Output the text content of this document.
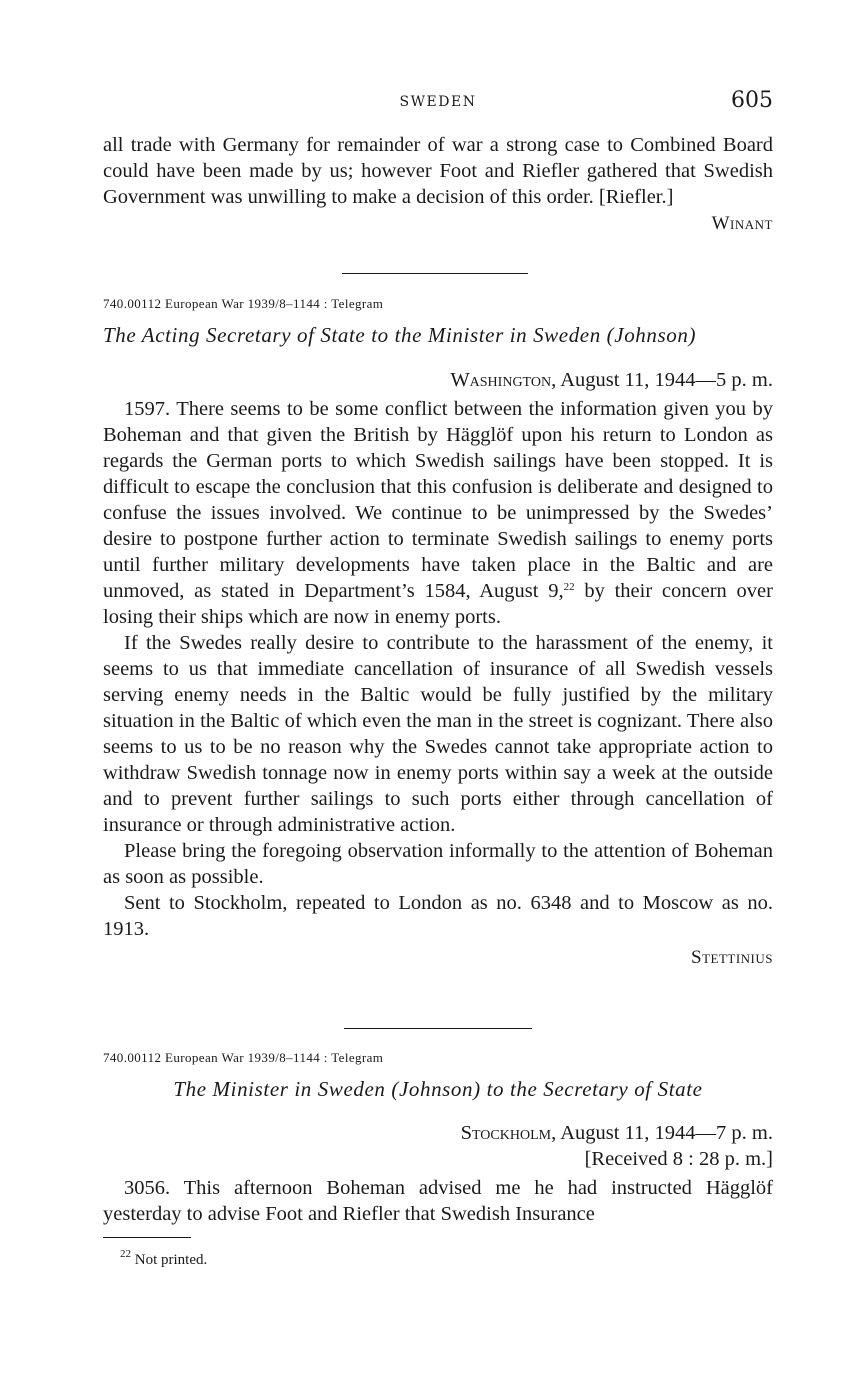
SWEDEN	605

all trade with Germany for remainder of war a strong case to Combined Board could have been made by us; however Foot and Riefler gathered that Swedish Government was unwilling to make a decision of this order. [Riefler.]

Winant

740.00112 European War 1939/8–1144 : Telegram
The Acting Secretary of State to the Minister in Sweden (Johnson)
Washington, August 11, 1944—5 p. m.

1597. There seems to be some conflict between the information given you by Boheman and that given the British by Hägglöf upon his return to London as regards the German ports to which Swedish sailings have been stopped. It is difficult to escape the conclusion that this confusion is deliberate and designed to confuse the issues involved. We continue to be unimpressed by the Swedes’ desire to postpone further action to terminate Swedish sailings to enemy ports until further military developments have taken place in the Baltic and are unmoved, as stated in Department’s 1584, August 9,22 by their concern over losing their ships which are now in enemy ports.

If the Swedes really desire to contribute to the harassment of the enemy, it seems to us that immediate cancellation of insurance of all Swedish vessels serving enemy needs in the Baltic would be fully justified by the military situation in the Baltic of which even the man in the street is cognizant. There also seems to us to be no reason why the Swedes cannot take appropriate action to withdraw Swedish tonnage now in enemy ports within say a week at the outside and to prevent further sailings to such ports either through cancellation of insurance or through administrative action.

Please bring the foregoing observation informally to the attention of Boheman as soon as possible.

Sent to Stockholm, repeated to London as no. 6348 and to Moscow as no. 1913.

Stettinius

740.00112 European War 1939/8–1144 : Telegram
The Minister in Sweden (Johnson) to the Secretary of State
Stockholm, August 11, 1944—7 p. m.
[Received 8 : 28 p. m.]

3056. This afternoon Boheman advised me he had instructed Hägglöf yesterday to advise Foot and Riefler that Swedish Insurance

$^{22}$ Not printed.
